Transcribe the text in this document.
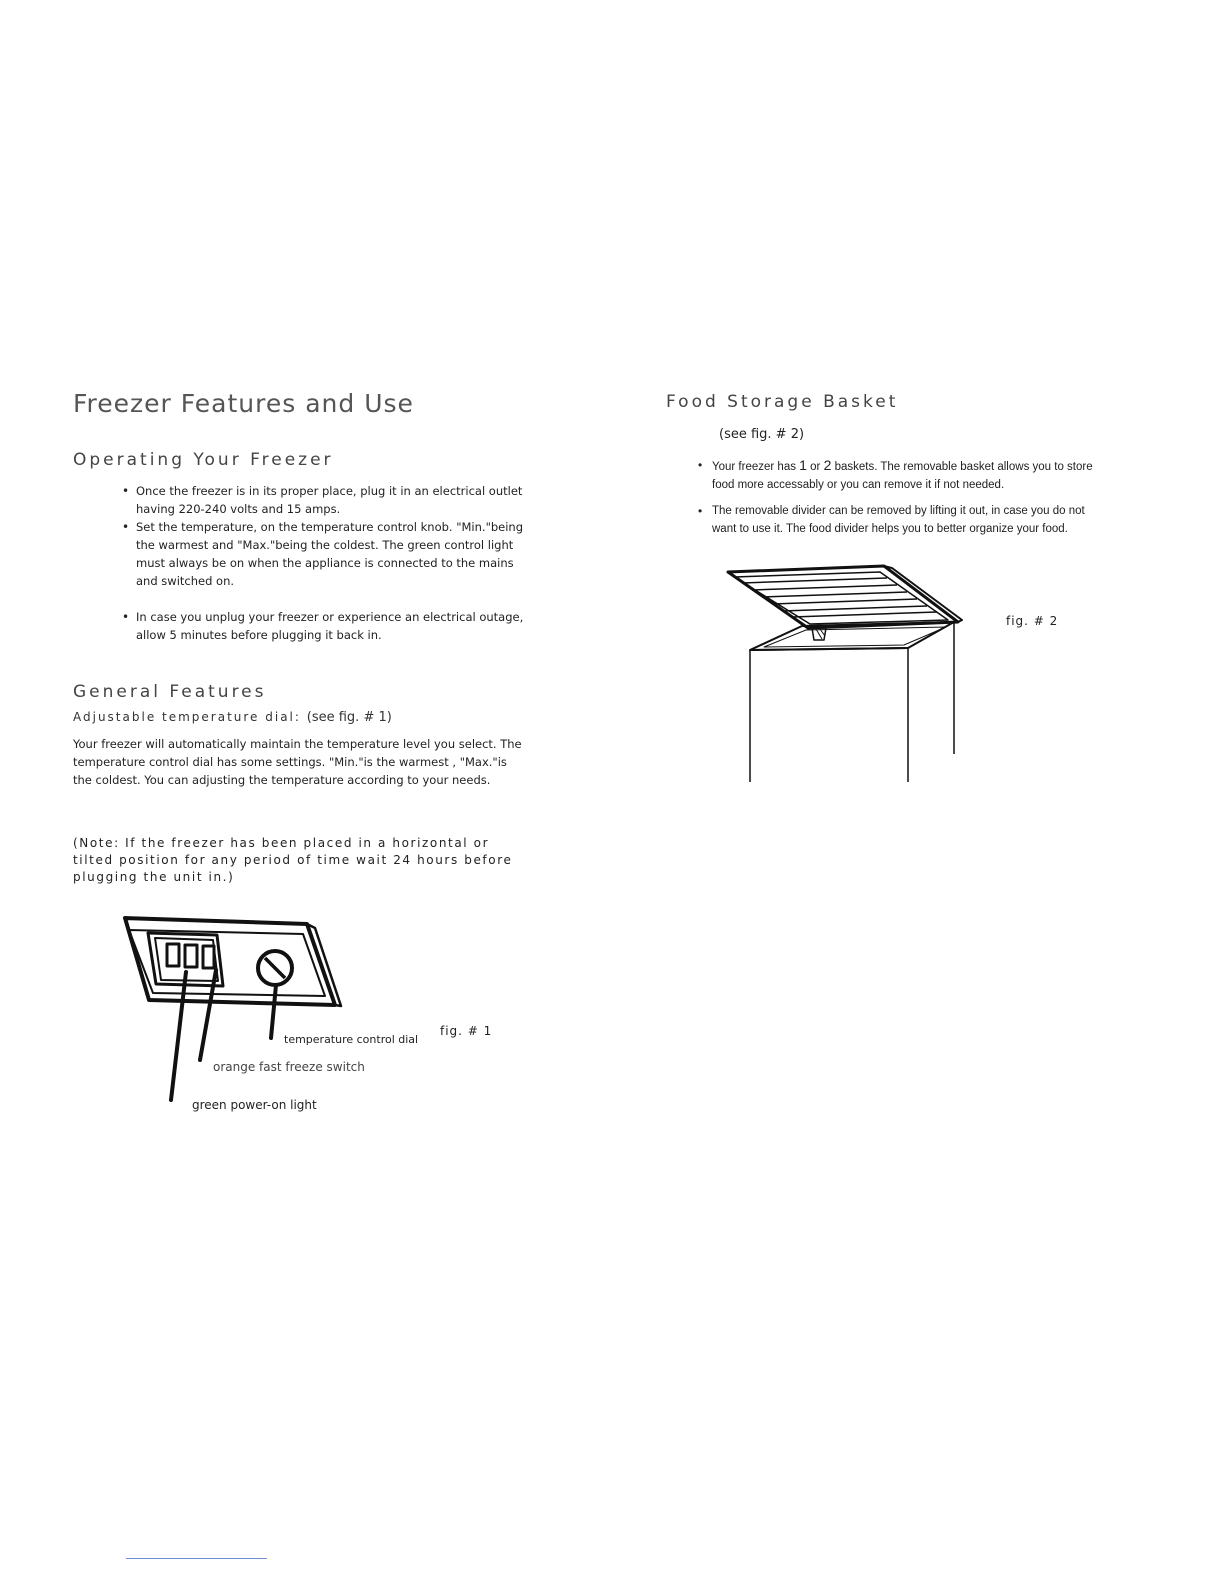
Freezer Features and Use
Operating Your Freezer
• Once the freezer is in its proper place, plug it in an electrical outlet having 220-240 volts and 15 amps.
• Set the temperature, on the temperature control knob. "Min."being the warmest and "Max."being the coldest. The green control light must always be on when the appliance is connected to the mains and switched on.
• In case you unplug your freezer or experience an electrical outage, allow 5 minutes before plugging it back in.
General Features
Adjustable temperature dial: (see fig. # 1)
Your freezer will automatically maintain the temperature level you select. The temperature control dial has some settings. "Min."is the warmest , "Max."is the coldest. You can adjusting the temperature according to your needs.
(Note: If the freezer has been placed in a horizontal or tilted position for any period of time wait 24 hours before plugging the unit in.)
temperature control dial
orange fast freeze switch
green power-on light
fig. # 1
Food Storage Basket
(see fig. # 2)
• Your freezer has 1 or 2 baskets. The removable basket allows you to store food more accessably or you can remove it if not needed.
• The removable divider can be removed by lifting it out, in case you do not want to use it. The food divider helps you to better organize your food.
fig. # 2
